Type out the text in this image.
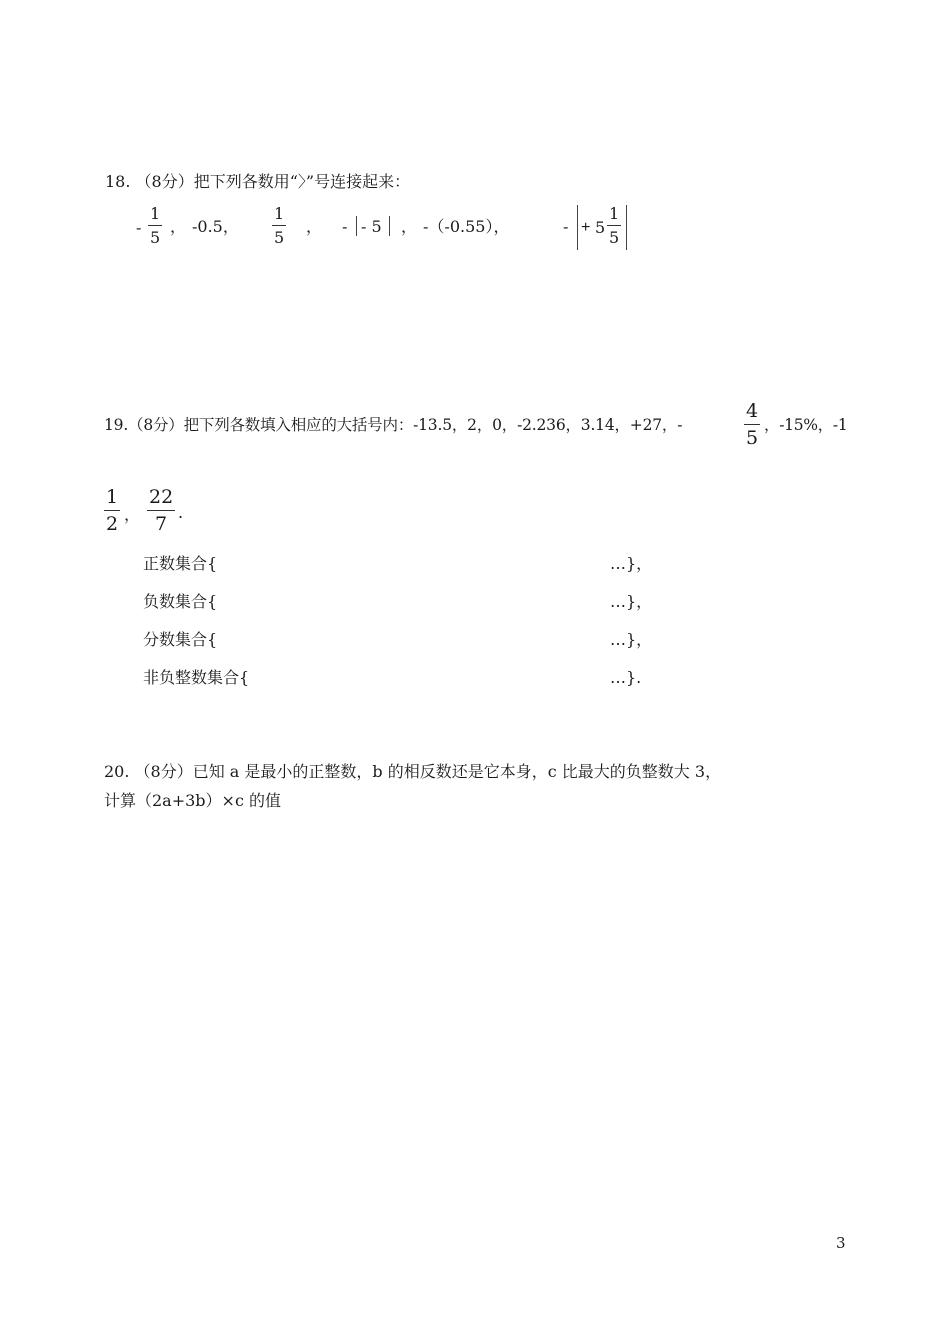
18. （8分）把下列各数用“〉”号连接起来：
-
1
5
， -0.5，
1
5
， - - 5 ， -（-0.55），	- + 5
1
5
19.（8分）把下列各数填入相应的大括号内：-13.5，2，0，-2.236，3.14，+27，-
4
5
，-15%，-1
1
2 ，
22
7
.
正数集合{	…}，
负数集合{	…}，
分数集合{	…}，
非负整数集合{	…}.
20. （8分）已知 a 是最小的正整数，b 的相反数还是它本身，c 比最大的负整数大 3，
计算（2a+3b）×c 的值
3
